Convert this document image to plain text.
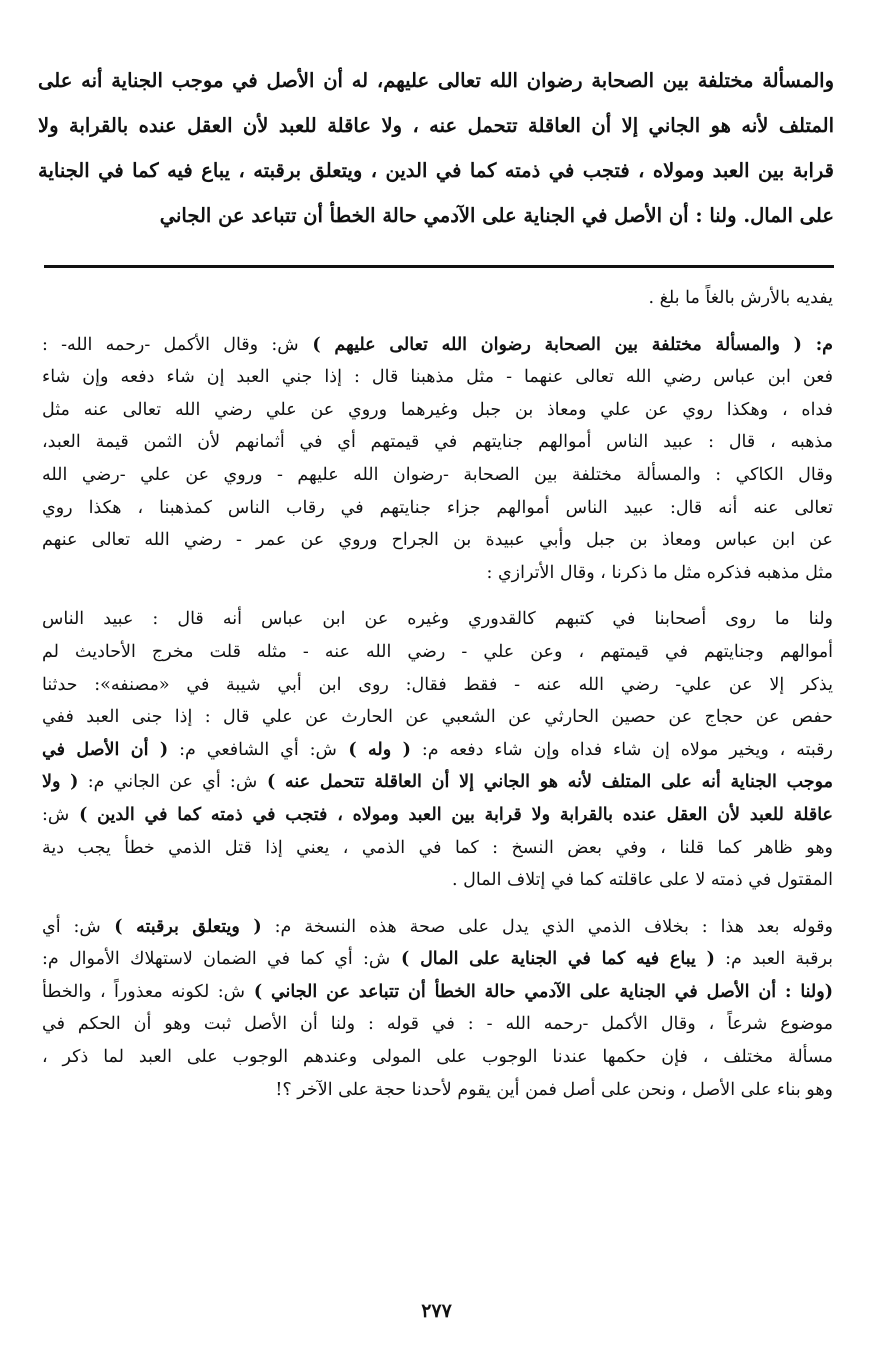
والمسألة مختلفة بين الصحابة رضوان الله تعالى عليهم، له أن الأصل في موجب الجناية أنه على
المتلف لأنه هو الجاني إلا أن العاقلة تتحمل عنه ، ولا عاقلة للعبد لأن العقل عنده بالقرابة ولا
قرابة بين العبد ومولاه ، فتجب في ذمته كما في الدين ، ويتعلق برقبته ، يباع فيه كما في الجناية
على المال. ولنا : أن الأصل في الجناية على الآدمي حالة الخطأ أن تتباعد عن الجاني
يفديه بالأرش بالغاً ما بلغ .
م: ( والمسألة مختلفة بين الصحابة رضوان الله تعالى عليهم ) ش: وقال الأكمل -رحمه الله- :
فعن ابن عباس رضي الله تعالى عنهما - مثل مذهبنا قال : إذا جني العبد إن شاء دفعه وإن شاء
فداه ، وهكذا روي عن علي ومعاذ بن جبل وغيرهما وروي عن علي رضي الله تعالى عنه مثل
مذهبه ، قال : عبيد الناس أموالهم جنايتهم في قيمتهم أي في أثمانهم لأن الثمن قيمة العبد،
وقال الكاكي : والمسألة مختلفة بين الصحابة -رضوان الله عليهم - وروي عن علي -رضي الله
تعالى عنه أنه قال: عبيد الناس أموالهم جزاء جنايتهم في رقاب الناس كمذهبنا ، هكذا روي
عن ابن عباس ومعاذ بن جبل وأبي عبيدة بن الجراح وروي عن عمر - رضي الله تعالى عنهم
مثل مذهبه فذكره مثل ما ذكرنا ، وقال الأترازي :
ولنا ما روى أصحابنا في كتبهم كالقدوري وغيره عن ابن عباس أنه قال : عبيد الناس
أموالهم وجنايتهم في قيمتهم ، وعن علي - رضي الله عنه - مثله قلت مخرج الأحاديث لم
يذكر إلا عن علي- رضي الله عنه - فقط فقال: روى ابن أبي شيبة في «مصنفه»: حدثنا
حفص عن حجاج عن حصين الحارثي عن الشعبي عن الحارث عن علي قال : إذا جنى العبد ففي
رقبته ، ويخير مولاه إن شاء فداه وإن شاء دفعه م: ( وله ) ش: أي الشافعي م: ( أن الأصل في
موجب الجناية أنه على المتلف لأنه هو الجاني إلا أن العاقلة تتحمل عنه ) ش: أي عن الجاني م: ( ولا
عاقلة للعبد لأن العقل عنده بالقرابة ولا قرابة بين العبد ومولاه ، فتجب في ذمته كما في الدين ) ش:
وهو ظاهر كما قلنا ، وفي بعض النسخ : كما في الذمي ، يعني إذا قتل الذمي خطأ يجب دية
المقتول في ذمته لا على عاقلته كما في إتلاف المال .
وقوله بعد هذا : بخلاف الذمي الذي يدل على صحة هذه النسخة م: ( ويتعلق برقبته ) ش: أي
برقبة العبد م: ( يباع فيه كما في الجناية على المال ) ش: أي كما في الضمان لاستهلاك الأموال م:
(ولنا : أن الأصل في الجناية على الآدمي حالة الخطأ أن تتباعد عن الجاني ) ش: لكونه معذوراً ، والخطأ
موضوع شرعاً ، وقال الأكمل -رحمه الله - : في قوله : ولنا أن الأصل ثبت وهو أن الحكم في
مسألة مختلف ، فإن حكمها عندنا الوجوب على المولى وعندهم الوجوب على العبد لما ذكر ،
وهو بناء على الأصل ، ونحن على أصل فمن أين يقوم لأحدنا حجة على الآخر ؟!
٢٧٧
